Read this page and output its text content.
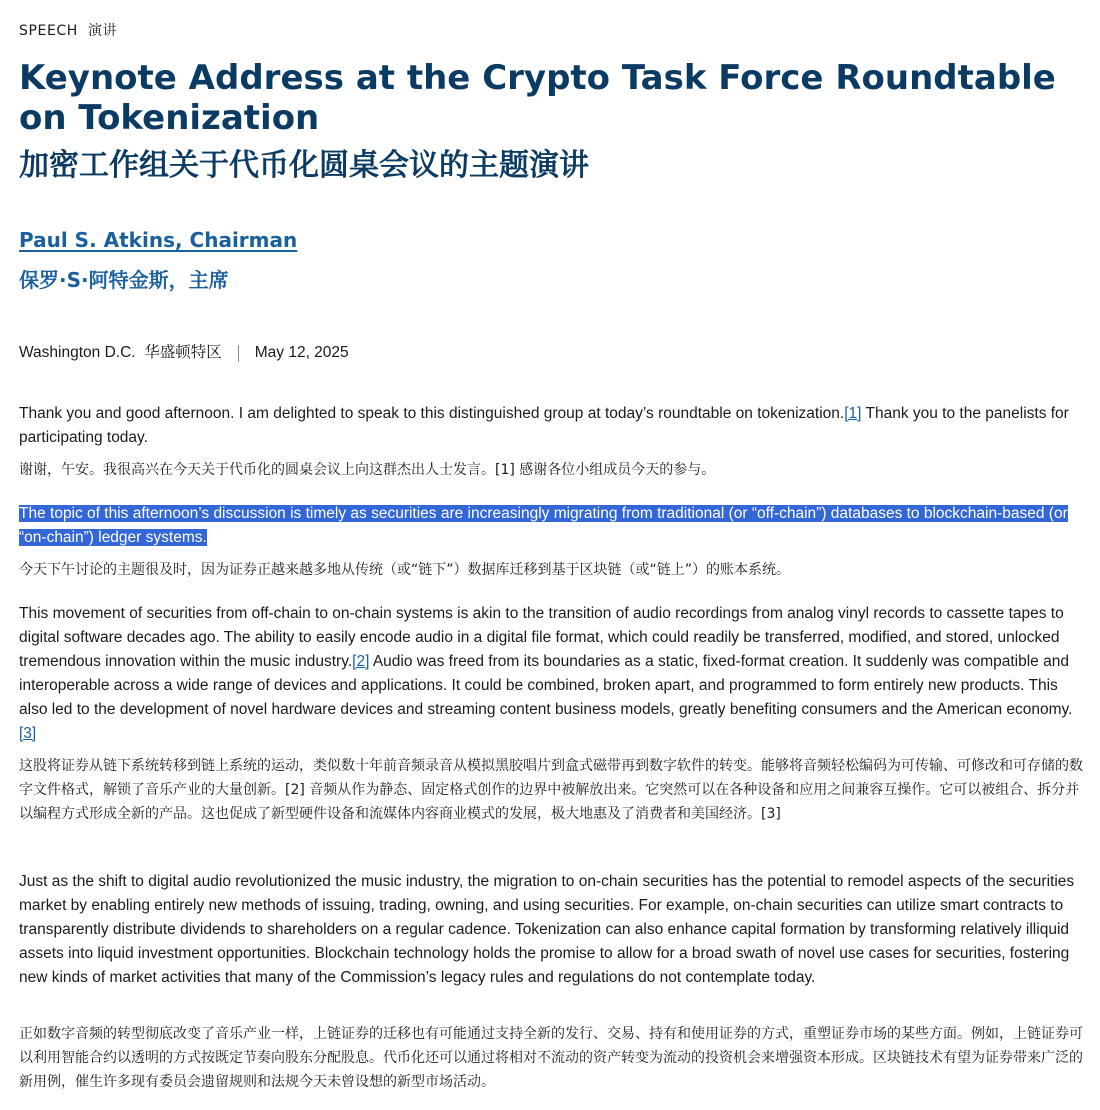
SPEECH 演讲
Keynote Address at the Crypto Task Force Roundtable on Tokenization
加密工作组关于代币化圆桌会议的主题演讲
Paul S. Atkins, Chairman
保罗·S·阿特金斯，主席
Washington D.C.
华盛顿特区 May 12, 2025

Thank you and good afternoon. I am delighted to speak to this distinguished group at today’s roundtable on tokenization.[1] Thank you to the panelists for participating today.

谢谢，午安。我很高兴在今天关于代币化的圆桌会议上向这群杰出人士发言。[1] 感谢各位小组成员今天的参与。

The topic of this afternoon’s discussion is timely as securities are increasingly migrating from traditional (or “off-chain”) databases to blockchain-based (or “on-chain”) ledger systems.

今天下午讨论的主题很及时，因为证券正越来越多地从传统（或“链下”）数据库迁移到基于区块链（或“链上”）的账本系统。

This movement of securities from off-chain to on-chain systems is akin to the transition of audio recordings from analog vinyl records to cassette tapes to digital software decades ago. The ability to easily encode audio in a digital file format, which could readily be transferred, modified, and stored, unlocked tremendous innovation within the music industry.[2] Audio was freed from its boundaries as a static, fixed-format creation. It suddenly was compatible and interoperable across a wide range of devices and applications. It could be combined, broken apart, and programmed to form entirely new products. This also led to the development of novel hardware devices and streaming content business models, greatly benefiting consumers and the American economy.[3]

这股将证券从链下系统转移到链上系统的运动，类似数十年前音频录音从模拟黑胶唱片到盒式磁带再到数字软件的转变。能够将音频轻松编码为可传输、可修改和可存储的数字文件格式，解锁了音乐产业的大量创新。[2] 音频从作为静态、固定格式创作的边界中被解放出来。它突然可以在各种设备和应用之间兼容互操作。它可以被组合、拆分并以编程方式形成全新的产品。这也促成了新型硬件设备和流媒体内容商业模式的发展，极大地惠及了消费者和美国经济。[3]

Just as the shift to digital audio revolutionized the music industry, the migration to on-chain securities has the potential to remodel aspects of the securities market by enabling entirely new methods of issuing, trading, owning, and using securities. For example, on-chain securities can utilize smart contracts to transparently distribute dividends to shareholders on a regular cadence. Tokenization can also enhance capital formation by transforming relatively illiquid assets into liquid investment opportunities. Blockchain technology holds the promise to allow for a broad swath of novel use cases for securities, fostering new kinds of market activities that many of the Commission’s legacy rules and regulations do not contemplate today.

正如数字音频的转型彻底改变了音乐产业一样，上链证券的迁移也有可能通过支持全新的发行、交易、持有和使用证券的方式，重塑证券市场的某些方面。例如，上链证券可以利用智能合约以透明的方式按既定节奏向股东分配股息。代币化还可以通过将相对不流动的资产转变为流动的投资机会来增强资本形成。区块链技术有望为证券带来广泛的新用例，催生许多现有委员会遗留规则和法规今天未曾设想的新型市场活动。
